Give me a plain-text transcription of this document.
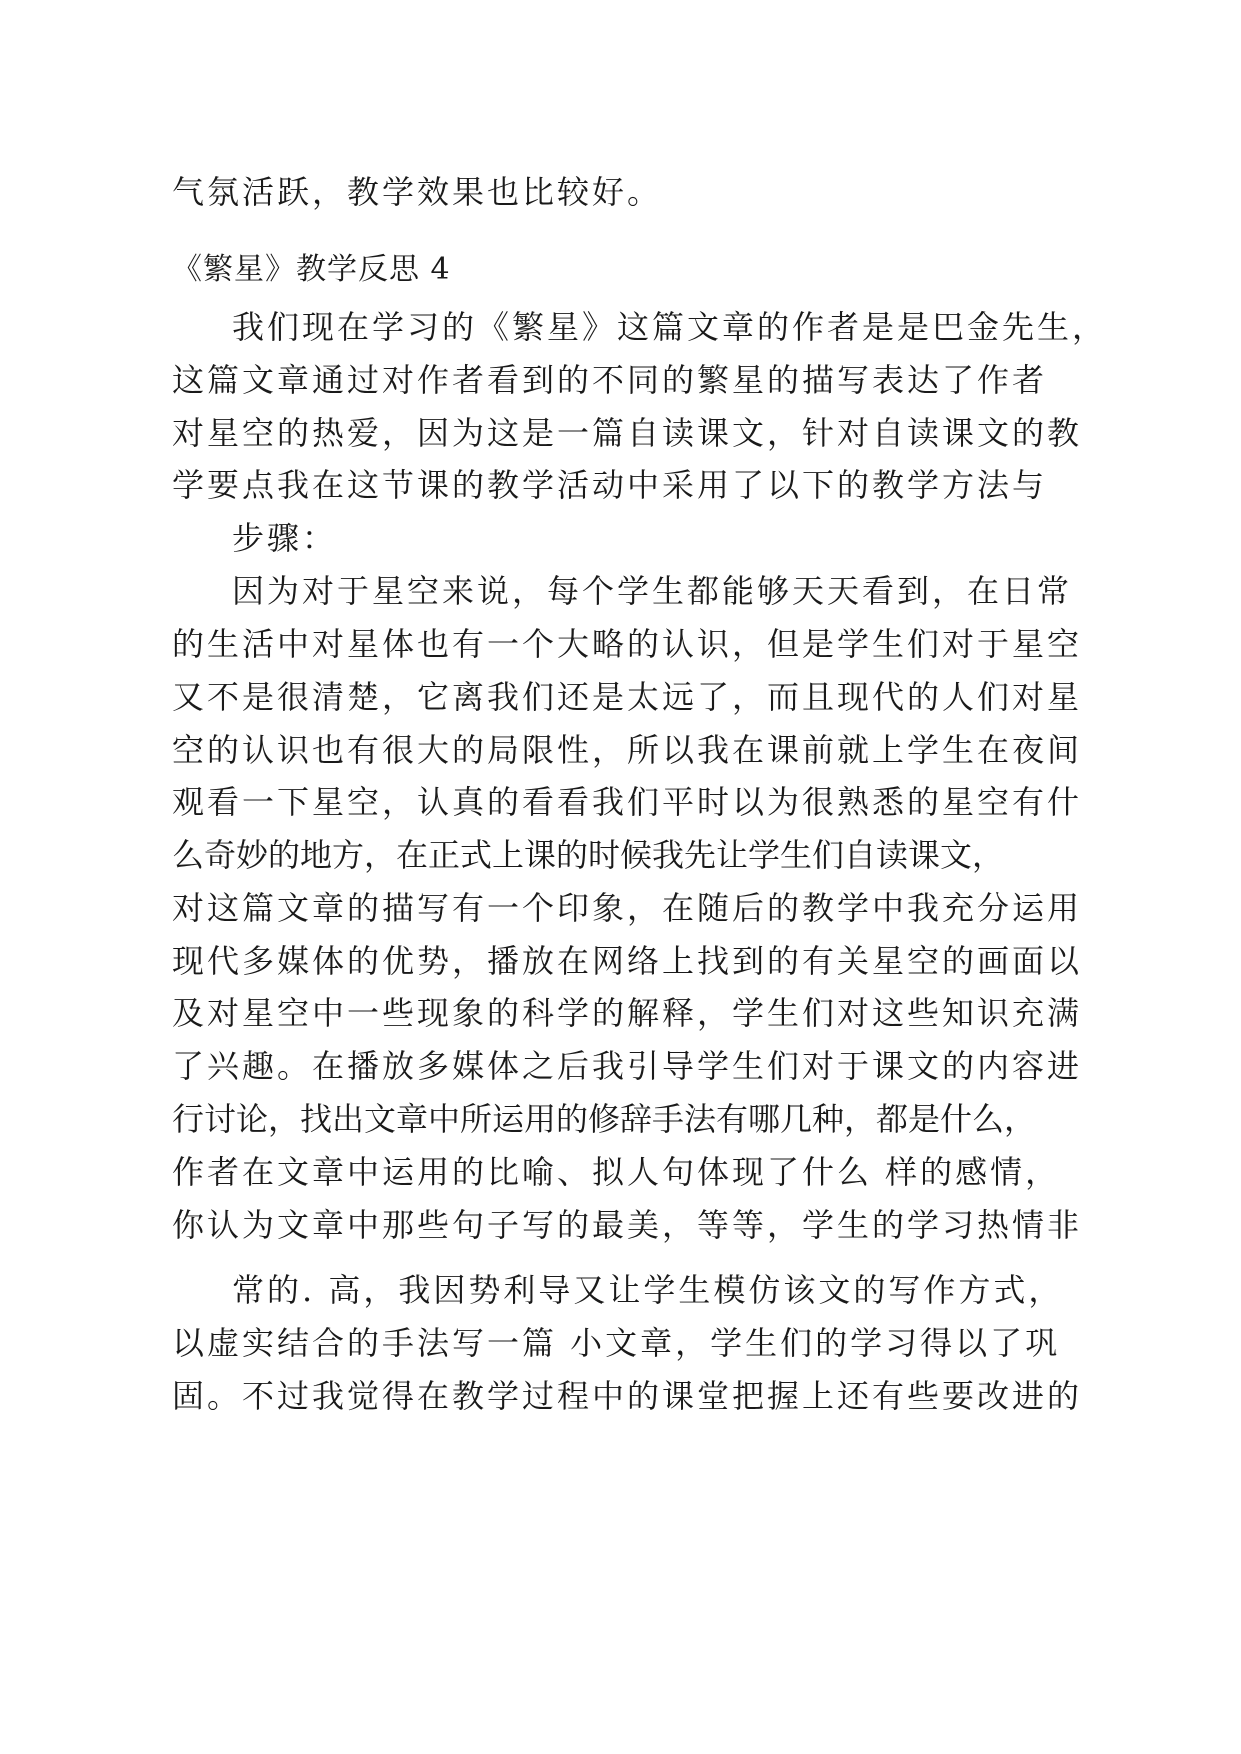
气氛活跃，教学效果也比较好。
《繁星》教学反思 4
我们现在学习的《繁星》这篇文章的作者是是巴金先生，
这篇文章通过对作者看到的不同的繁星的描写表达了作者
对星空的热爱，因为这是一篇自读课文，针对自读课文的教
学要点我在这节课的教学活动中采用了以下的教学方法与
步骤：
因为对于星空来说，每个学生都能够天天看到，在日常
的生活中对星体也有一个大略的认识，但是学生们对于星空
又不是很清楚，它离我们还是太远了，而且现代的人们对星
空的认识也有很大的局限性，所以我在课前就上学生在夜间
观看一下星空，认真的看看我们平时以为很熟悉的星空有什
么奇妙的地方，在正式上课的时候我先让学生们自读课文，
对这篇文章的描写有一个印象，在随后的教学中我充分运用
现代多媒体的优势，播放在网络上找到的有关星空的画面以
及对星空中一些现象的科学的解释，学生们对这些知识充满
了兴趣。在播放多媒体之后我引导学生们对于课文的内容进
行讨论，找出文章中所运用的修辞手法有哪几种，都是什么，
作者在文章中运用的比喻、拟人句体现了什么 样的感情，
你认为文章中那些句子写的最美，等等，学生的学习热情非
常的. 高，我因势利导又让学生模仿该文的写作方式，
以虚实结合的手法写一篇 小文章，学生们的学习得以了巩
固。不过我觉得在教学过程中的课堂把握上还有些要改进的
